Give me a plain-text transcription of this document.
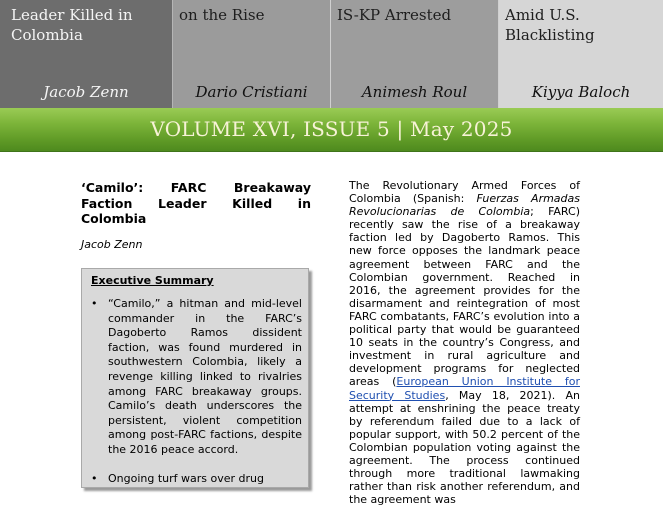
Leader Killed in Colombia
Jacob Zenn
on the Rise
Dario Cristiani
IS-KP Arrested
Animesh Roul
Amid U.S. Blacklisting
Kiyya Baloch
VOLUME XVI, ISSUE 5 | May 2025
‘Camilo’: FARC Breakaway Faction Leader Killed in Colombia
Jacob Zenn
Executive Summary
• “Camilo,” a hitman and mid-level commander in the FARC’s Dagoberto Ramos dissident faction, was found murdered in southwestern Colombia, likely a revenge killing linked to rivalries among FARC breakaway groups. Camilo’s death underscores the persistent, violent competition among post-FARC factions, despite the 2016 peace accord.
• Ongoing turf wars over drug
The Revolutionary Armed Forces of Colombia (Spanish: Fuerzas Armadas Revolucionarias de Colombia; FARC) recently saw the rise of a breakaway faction led by Dagoberto Ramos. This new force opposes the landmark peace agreement between FARC and the Colombian government. Reached in 2016, the agreement provides for the disarmament and reintegration of most FARC combatants, FARC’s evolution into a political party that would be guaranteed 10 seats in the country’s Congress, and investment in rural agriculture and development programs for neglected areas (European Union Institute for Security Studies, May 18, 2021). An attempt at enshrining the peace treaty by referendum failed due to a lack of popular support, with 50.2 percent of the Colombian population voting against the agreement. The process continued through more traditional lawmaking rather than risk another referendum, and the agreement was
